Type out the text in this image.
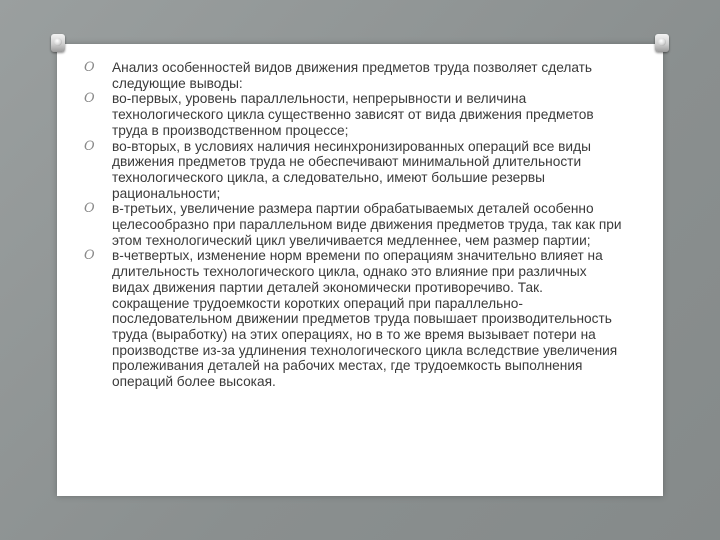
O Анализ особенностей видов движения предметов труда позволяет сделать следующие выводы:
O во-первых, уровень параллельности, непрерывности и величина технологического цикла существенно зависят от вида движения предметов труда в производственном процессе;
O во-вторых, в условиях наличия несинхронизированных операций все виды движения предметов труда не обеспечивают минимальной длительности технологического цикла, а следовательно, имеют большие резервы рациональности;
O в-третьих, увеличение размера партии обрабатываемых деталей особенно целесообразно при параллельном виде движения предметов труда, так как при этом технологический цикл увеличивается медленнее, чем размер партии;
O в-четвертых, изменение норм времени по операциям значительно влияет на длительность технологического цикла, однако это влияние при различных видах движения партии деталей экономически противоречиво. Так. сокращение трудоемкости коротких операций при параллельно-последовательном движении предметов труда повышает производительность труда (выработку) на этих операциях, но в то же время вызывает потери на производстве из-за удлинения технологического цикла вследствие увеличения пролеживания деталей на рабочих местах, где трудоемкость выполнения операций более высокая.
